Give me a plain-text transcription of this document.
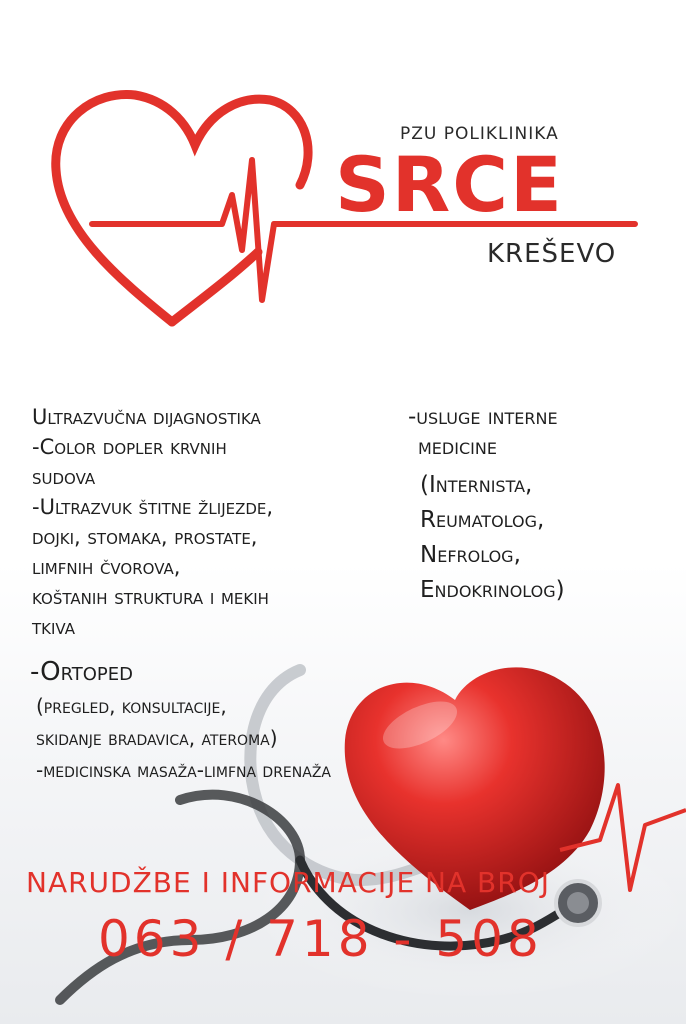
PZU POLIKLINIKA
SRCE
KREŠEVO
Ultrazvučna dijagnostika
-Color dopler krvnih
sudova
-Ultrazvuk štitne žlijezde,
dojki, stomaka, prostate,
limfnih čvorova,
koštanih struktura i mekih
tkiva
-usluge interne
medicine
(Internista,
Reumatolog,
Nefrolog,
Endokrinolog)
-Ortoped
(pregled, konsultacije,
skidanje bradavica, ateroma)
-medicinska masaža-limfna drenaža
NARUDŽBE I INFORMACIJE NA BROJ
063 / 718 - 508
